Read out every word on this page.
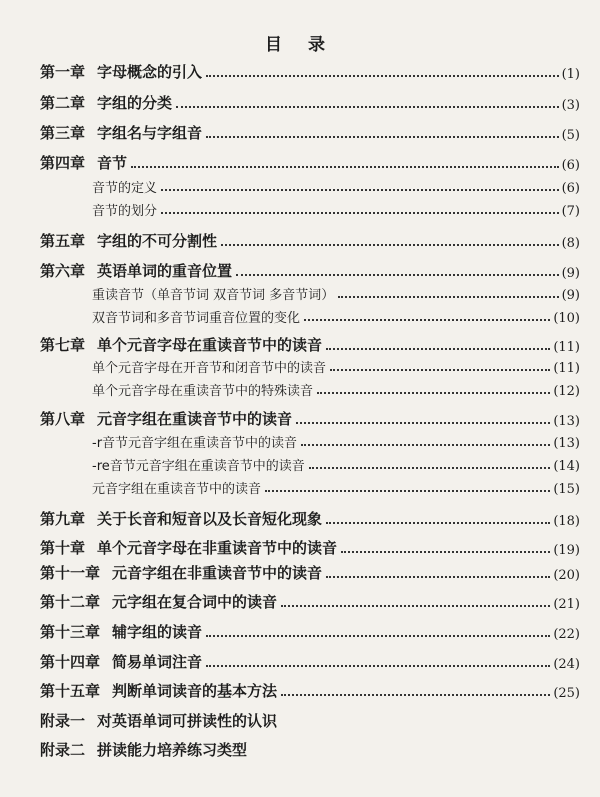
目 录
第一章 字母概念的引入	(1)
第二章 字组的分类	(3)
第三章 字组名与字组音	(5)
第四章 音节	(6)
音节的定义	(6)
音节的划分	(7)
第五章 字组的不可分割性	(8)
第六章 英语单词的重音位置	(9)
重读音节（单音节词 双音节词 多音节词）	(9)
双音节词和多音节词重音位置的变化	(10)
第七章 单个元音字母在重读音节中的读音	(11)
单个元音字母在开音节和闭音节中的读音	(11)
单个元音字母在重读音节中的特殊读音	(12)
第八章 元音字组在重读音节中的读音	(13)
-r音节元音字组在重读音节中的读音	(13)
-re音节元音字组在重读音节中的读音	(14)
元音字组在重读音节中的读音	(15)
第九章 关于长音和短音以及长音短化现象	(18)
第十章 单个元音字母在非重读音节中的读音	(19)
第十一章 元音字组在非重读音节中的读音	(20)
第十二章 元字组在复合词中的读音	(21)
第十三章 辅字组的读音	(22)
第十四章 简易单词注音	(24)
第十五章 判断单词读音的基本方法	(25)
附录一 对英语单词可拼读性的认识
附录二 拼读能力培养练习类型
